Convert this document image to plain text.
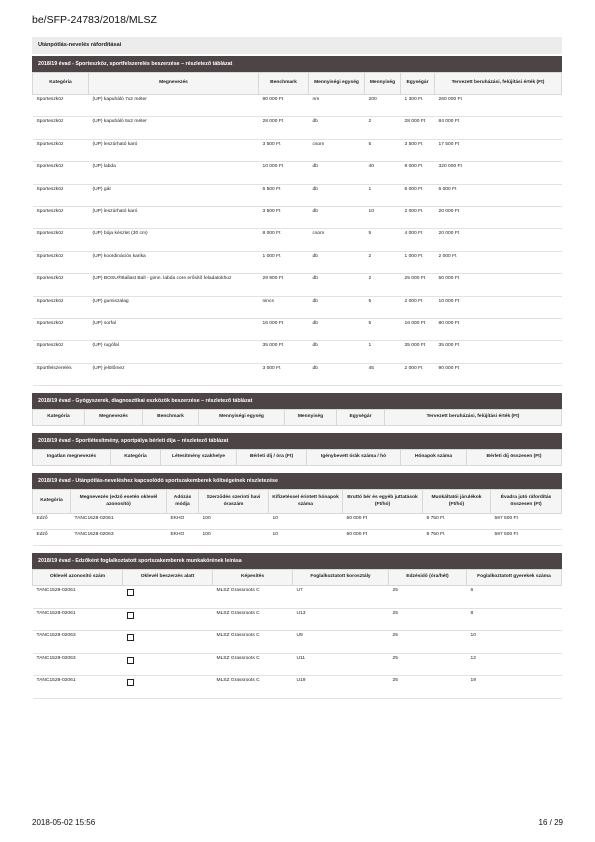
be/SFP-24783/2018/MLSZ
Utánpótlás-nevelés ráfordításai
2018/19 évad - Sporteszköz, sportfelszerelés beszerzése – részletező táblázat
Kategória	Megnevezés	Benchmark	Mennyiségi egység	Mennyiség	Egységár	Tervezett beruházási, felújítási érték (Ft)
Sporteszköz	(UP) kapuháló 7x2 méter	90 000 Ft	nm	200	1 300 Ft	260 000 Ft
Sporteszköz	(UP) kapuháló 5x2 méter	28 000 Ft	db	2	28 000 Ft	84 000 Ft
Sporteszköz	(UP) leszúrható karó	3 500 Ft	csom	5	3 500 Ft	17 500 Ft
Sporteszköz	(UP) labda	10 000 Ft	db	40	8 000 Ft	320 000 Ft
Sporteszköz	(UP) gát	6 500 Ft	db	1	6 000 Ft	6 000 Ft
Sporteszköz	(UP) leszúrható karó	3 500 Ft	db	10	2 000 Ft	20 000 Ft
Sporteszköz	(UP) bója készlet (30 cm)	8 000 Ft	csom	5	4 000 Ft	20 000 Ft
Sporteszköz	(UP) koordinációs karika	1 000 Ft	db	2	1 000 Ft	2 000 Ft
Sporteszköz	(UP) BOSU®Ballast Ball - gimn. labda core erősítő feladatokhoz	29 900 Ft	db	2	25 000 Ft	50 000 Ft
Sporteszköz	(UP) gumiszalag	nincs	db	5	2 000 Ft	10 000 Ft
Sporteszköz	(UP) sorfal	16 000 Ft	db	5	16 000 Ft	80 000 Ft
Sporteszköz	(UP) rugófal	35 000 Ft	db	1	35 000 Ft	35 000 Ft
Sportfelszerelés	(UP) jelölőmez	3 000 Ft	db	45	2 000 Ft	90 000 Ft
2018/19 évad - Gyógyszerek, diagnosztikai eszközök beszerzése – részletező táblázat
Kategória	Megnevezés	Benchmark	Mennyiségi egység	Mennyiség	Egységár	Tervezett beruházási, felújítási érték (Ft)
2018/19 évad - Sportlétesítmény, sportpálya bérleti díja – részletező táblázat
Ingatlan megnevezés	Kategória	Létesítmény szakhelye	Bérleti díj / óra (Ft)	Igénybevett órák száma / hó	Hónapok száma	Bérleti díj összesen (Ft)
2018/19 évad - Utánpótlás-neveléshez kapcsolódó sportszakemberek költségeinek részletezése
Kategória	Megnevezés (edző esetén oklevél azonosító)	Adózás módja	Szerződés szerinti havi óraszám	Kifizetéssel érintett hónapok száma	Bruttó bér és egyéb juttatások (Ft/hó)	Munkáltatói járulékok (Ft/hó)	Évadra jutó ráfordítás összesen (Ft)
Edző	TANC1528-02061	EKHO	100	10	50 000 Ft	9 750 Ft	597 500 Ft
Edző	TANC1528-02063	EKHO	100	10	50 000 Ft	9 750 Ft	597 500 Ft
2018/19 évad - Edzőként foglalkoztatott sportszakemberek munkakörének leírása
Oklevél azonosító szám	Oklevél beszerzés alatt	Képesítés	Foglalkoztatott korosztály	Edzésidő (óra/hét)	Foglalkoztatott gyerekek száma
TANC1528-02061		MLSZ Grassroots C	U7	25	6
TANC1528-02061		MLSZ Grassroots C	U13	25	8
TANC1528-02063		MLSZ Grassroots C	U9	25	10
TANC1528-02063		MLSZ Grassroots C	U11	25	12
TANC1528-02061		MLSZ Grassroots C	U19	25	19
2018-05-02 15:56	16 / 29
